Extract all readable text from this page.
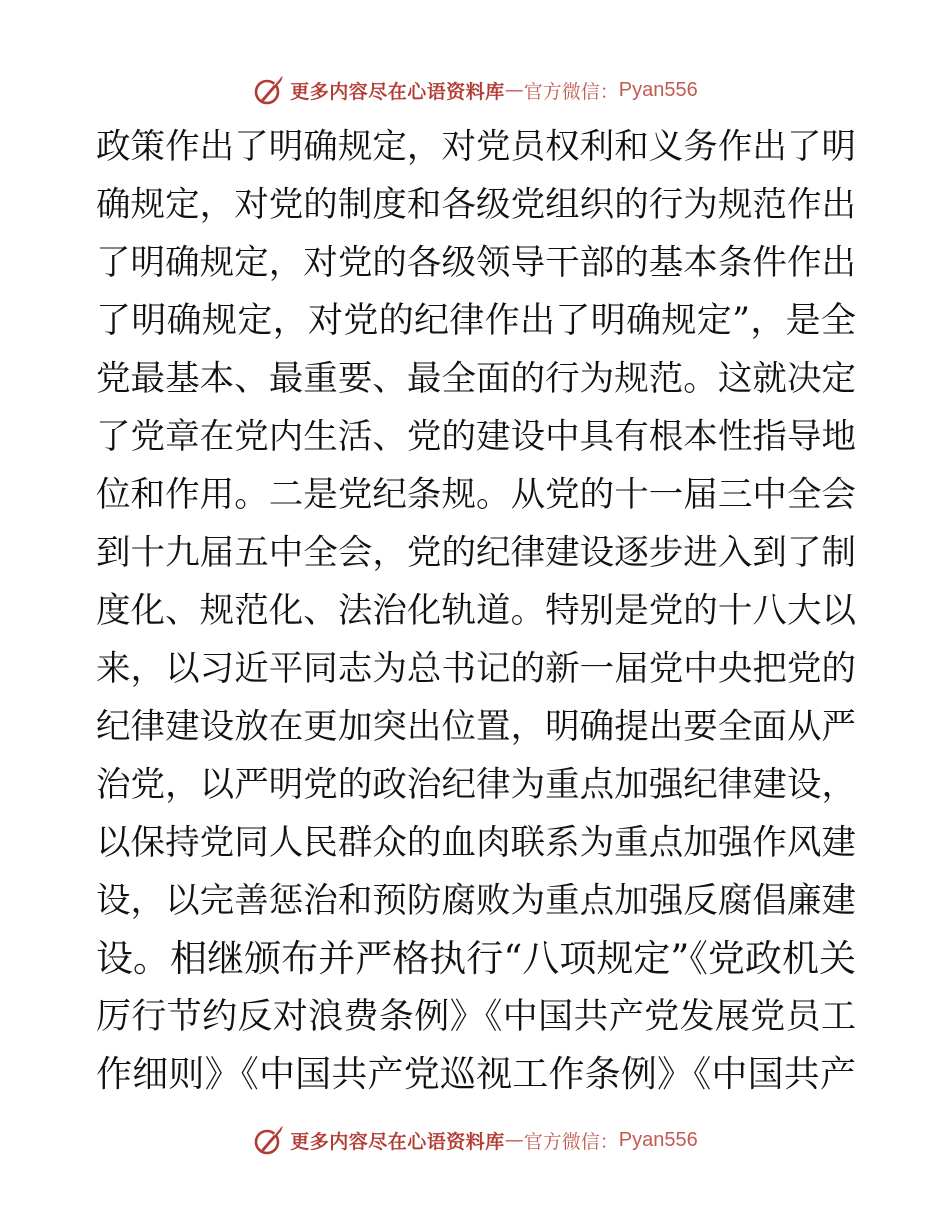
更多内容尽在心语资料库 — 官方微信： Pyan556
政策作出了明确规定，对党员权利和义务作出了明
确规定，对党的制度和各级党组织的行为规范作出
了明确规定，对党的各级领导干部的基本条件作出
了明确规定，对党的纪律作出了明确规定”，是全
党最基本、最重要、最全面的行为规范。这就决定
了党章在党内生活、党的建设中具有根本性指导地
位和作用。二是党纪条规。从党的十一届三中全会
到十九届五中全会，党的纪律建设逐步进入到了制
度化、规范化、法治化轨道。特别是党的十八大以
来，以习近平同志为总书记的新一届党中央把党的
纪律建设放在更加突出位置，明确提出要全面从严
治党，以严明党的政治纪律为重点加强纪律建设，
以保持党同人民群众的血肉联系为重点加强作风建
设，以完善惩治和预防腐败为重点加强反腐倡廉建
设。相继颁布并严格执行“八项规定”《党政机关
厉行节约反对浪费条例》《中国共产党发展党员工
作细则》《中国共产党巡视工作条例》《中国共产
更多内容尽在心语资料库 — 官方微信： Pyan556
